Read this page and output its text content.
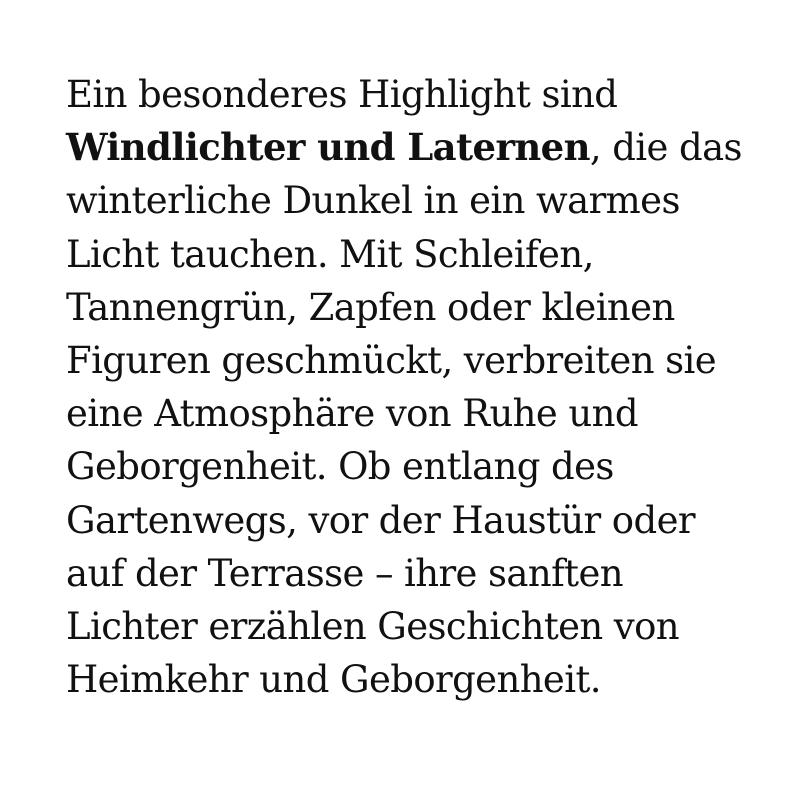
Ein besonderes Highlight sind
Windlichter und Laternen, die das
winterliche Dunkel in ein warmes
Licht tauchen. Mit Schleifen,
Tannengrün, Zapfen oder kleinen
Figuren geschmückt, verbreiten sie
eine Atmosphäre von Ruhe und
Geborgenheit. Ob entlang des
Gartenwegs, vor der Haustür oder
auf der Terrasse – ihre sanften
Lichter erzählen Geschichten von
Heimkehr und Geborgenheit.
